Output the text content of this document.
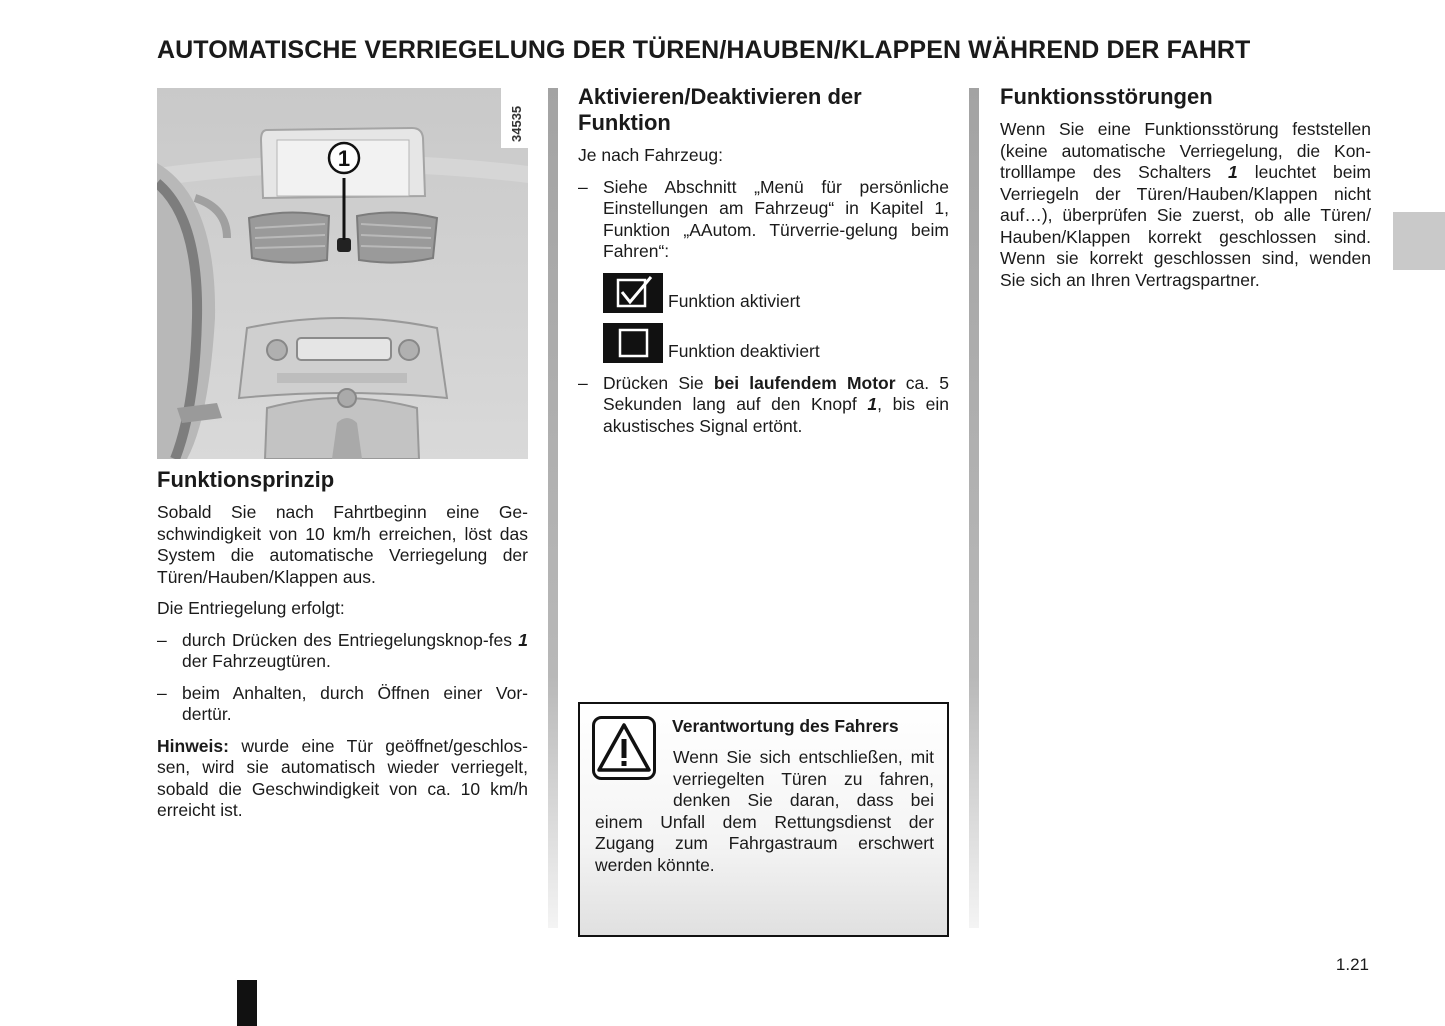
AUTOMATISCHE VERRIEGELUNG DER TÜREN/HAUBEN/KLAPPEN WÄHREND DER FAHRT
1
34535
Funktionsprinzip

Sobald Sie nach Fahrtbeginn eine Ge-schwindigkeit von 10 km/h erreichen, löst das System die automatische Verriegelung der Türen/Hauben/Klappen aus.

Die Entriegelung erfolgt:

– durch Drücken des Entriegelungsknop-fes 1 der Fahrzeugtüren.
– beim Anhalten, durch Öffnen einer Vor-dertür.

Hinweis: wurde eine Tür geöffnet/geschlos-sen, wird sie automatisch wieder verriegelt, sobald die Geschwindigkeit von ca. 10 km/h erreicht ist.

Aktivieren/Deaktivieren der Funktion

Je nach Fahrzeug:

– Siehe Abschnitt „Menü für persönliche Einstellungen am Fahrzeug“ in Kapitel 1, Funktion „AAutom. Türverrie-gelung beim Fahren“:
Funktion aktiviert
Funktion deaktiviert
– Drücken Sie bei laufendem Motor ca. 5 Sekunden lang auf den Knopf 1, bis ein akustisches Signal ertönt.
Verantwortung des Fahrers
Wenn Sie sich entschließen, mit verriegelten Türen zu fahren, denken Sie daran, dass bei einem Unfall dem Rettungsdienst der Zugang zum Fahrgastraum erschwert werden könnte.
Funktionsstörungen

Wenn Sie eine Funktionsstörung feststellen (keine automatische Verriegelung, die Kon-trolllampe des Schalters 1 leuchtet beim Verriegeln der Türen/Hauben/Klappen nicht auf…), überprüfen Sie zuerst, ob alle Türen/ Hauben/Klappen korrekt geschlossen sind. Wenn sie korrekt geschlossen sind, wenden Sie sich an Ihren Vertragspartner.

1.21
